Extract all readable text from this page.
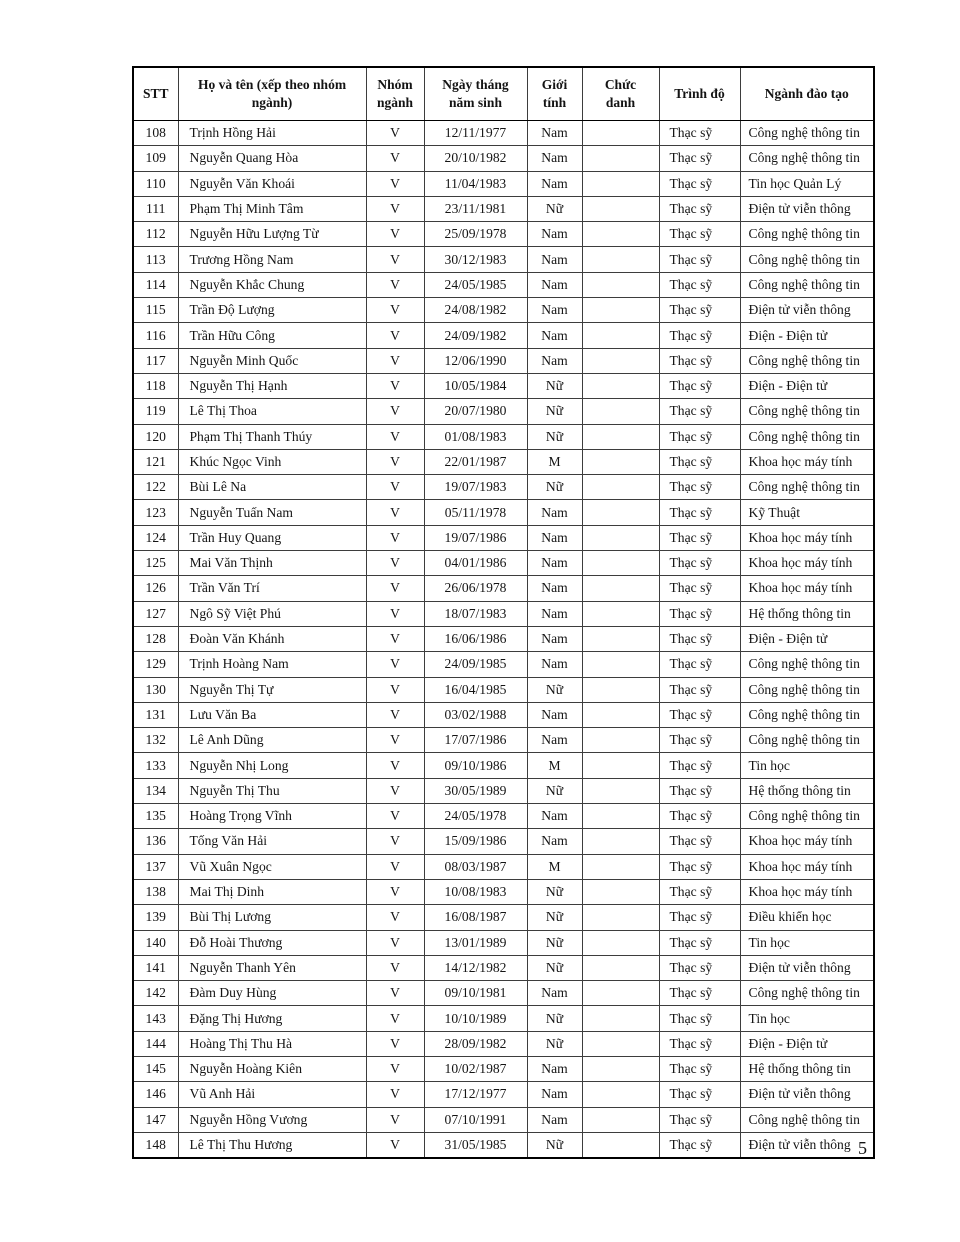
STT	Họ và tên (xếp theo nhóm ngành)	Nhóm ngành	Ngày tháng năm sinh	Giới tính	Chức danh	Trình độ	Ngành đào tạo
108	Trịnh Hồng Hải	V	12/11/1977	Nam		Thạc sỹ	Công nghệ thông tin
109	Nguyễn Quang Hòa	V	20/10/1982	Nam		Thạc sỹ	Công nghệ thông tin
110	Nguyễn Văn Khoái	V	11/04/1983	Nam		Thạc sỹ	Tin học Quản Lý
111	Phạm Thị Minh Tâm	V	23/11/1981	Nữ		Thạc sỹ	Điện tử viễn thông
112	Nguyễn Hữu Lượng Từ	V	25/09/1978	Nam		Thạc sỹ	Công nghệ thông tin
113	Trương Hồng Nam	V	30/12/1983	Nam		Thạc sỹ	Công nghệ thông tin
114	Nguyễn Khắc Chung	V	24/05/1985	Nam		Thạc sỹ	Công nghệ thông tin
115	Trần Độ Lượng	V	24/08/1982	Nam		Thạc sỹ	Điện tử viễn thông
116	Trần Hữu Công	V	24/09/1982	Nam		Thạc sỹ	Điện - Điện tử
117	Nguyễn Minh Quốc	V	12/06/1990	Nam		Thạc sỹ	Công nghệ thông tin
118	Nguyễn Thị Hạnh	V	10/05/1984	Nữ		Thạc sỹ	Điện - Điện tử
119	Lê Thị Thoa	V	20/07/1980	Nữ		Thạc sỹ	Công nghệ thông tin
120	Phạm Thị Thanh Thúy	V	01/08/1983	Nữ		Thạc sỹ	Công nghệ thông tin
121	Khúc Ngọc Vinh	V	22/01/1987	M		Thạc sỹ	Khoa học máy tính
122	Bùi Lê Na	V	19/07/1983	Nữ		Thạc sỹ	Công nghệ thông tin
123	Nguyễn Tuấn Nam	V	05/11/1978	Nam		Thạc sỹ	Kỹ Thuật
124	Trần Huy Quang	V	19/07/1986	Nam		Thạc sỹ	Khoa học máy tính
125	Mai Văn Thịnh	V	04/01/1986	Nam		Thạc sỹ	Khoa học máy tính
126	Trần Văn Trí	V	26/06/1978	Nam		Thạc sỹ	Khoa học máy tính
127	Ngô Sỹ Việt Phú	V	18/07/1983	Nam		Thạc sỹ	Hệ thống thông tin
128	Đoàn Văn Khánh	V	16/06/1986	Nam		Thạc sỹ	Điện - Điện tử
129	Trịnh Hoàng Nam	V	24/09/1985	Nam		Thạc sỹ	Công nghệ thông tin
130	Nguyễn Thị Tự	V	16/04/1985	Nữ		Thạc sỹ	Công nghệ thông tin
131	Lưu Văn Ba	V	03/02/1988	Nam		Thạc sỹ	Công nghệ thông tin
132	Lê Anh Dũng	V	17/07/1986	Nam		Thạc sỹ	Công nghệ thông tin
133	Nguyễn Nhị Long	V	09/10/1986	M		Thạc sỹ	Tin học
134	Nguyễn Thị Thu	V	30/05/1989	Nữ		Thạc sỹ	Hệ thống thông tin
135	Hoàng Trọng Vĩnh	V	24/05/1978	Nam		Thạc sỹ	Công nghệ thông tin
136	Tống Văn Hải	V	15/09/1986	Nam		Thạc sỹ	Khoa học máy tính
137	Vũ Xuân Ngọc	V	08/03/1987	M		Thạc sỹ	Khoa học máy tính
138	Mai Thị Dinh	V	10/08/1983	Nữ		Thạc sỹ	Khoa học máy tính
139	Bùi Thị Lương	V	16/08/1987	Nữ		Thạc sỹ	Điều khiển học
140	Đỗ Hoài Thương	V	13/01/1989	Nữ		Thạc sỹ	Tin học
141	Nguyễn Thanh Yên	V	14/12/1982	Nữ		Thạc sỹ	Điện tử viễn thông
142	Đàm Duy Hùng	V	09/10/1981	Nam		Thạc sỹ	Công nghệ thông tin
143	Đặng Thị Hương	V	10/10/1989	Nữ		Thạc sỹ	Tin học
144	Hoàng Thị Thu Hà	V	28/09/1982	Nữ		Thạc sỹ	Điện - Điện tử
145	Nguyễn Hoàng Kiên	V	10/02/1987	Nam		Thạc sỹ	Hệ thống thông tin
146	Vũ Anh Hải	V	17/12/1977	Nam		Thạc sỹ	Điện tử viễn thông
147	Nguyễn Hồng Vương	V	07/10/1991	Nam		Thạc sỹ	Công nghệ thông tin
148	Lê Thị Thu Hương	V	31/05/1985	Nữ		Thạc sỹ	Điện tử viễn thông 5
